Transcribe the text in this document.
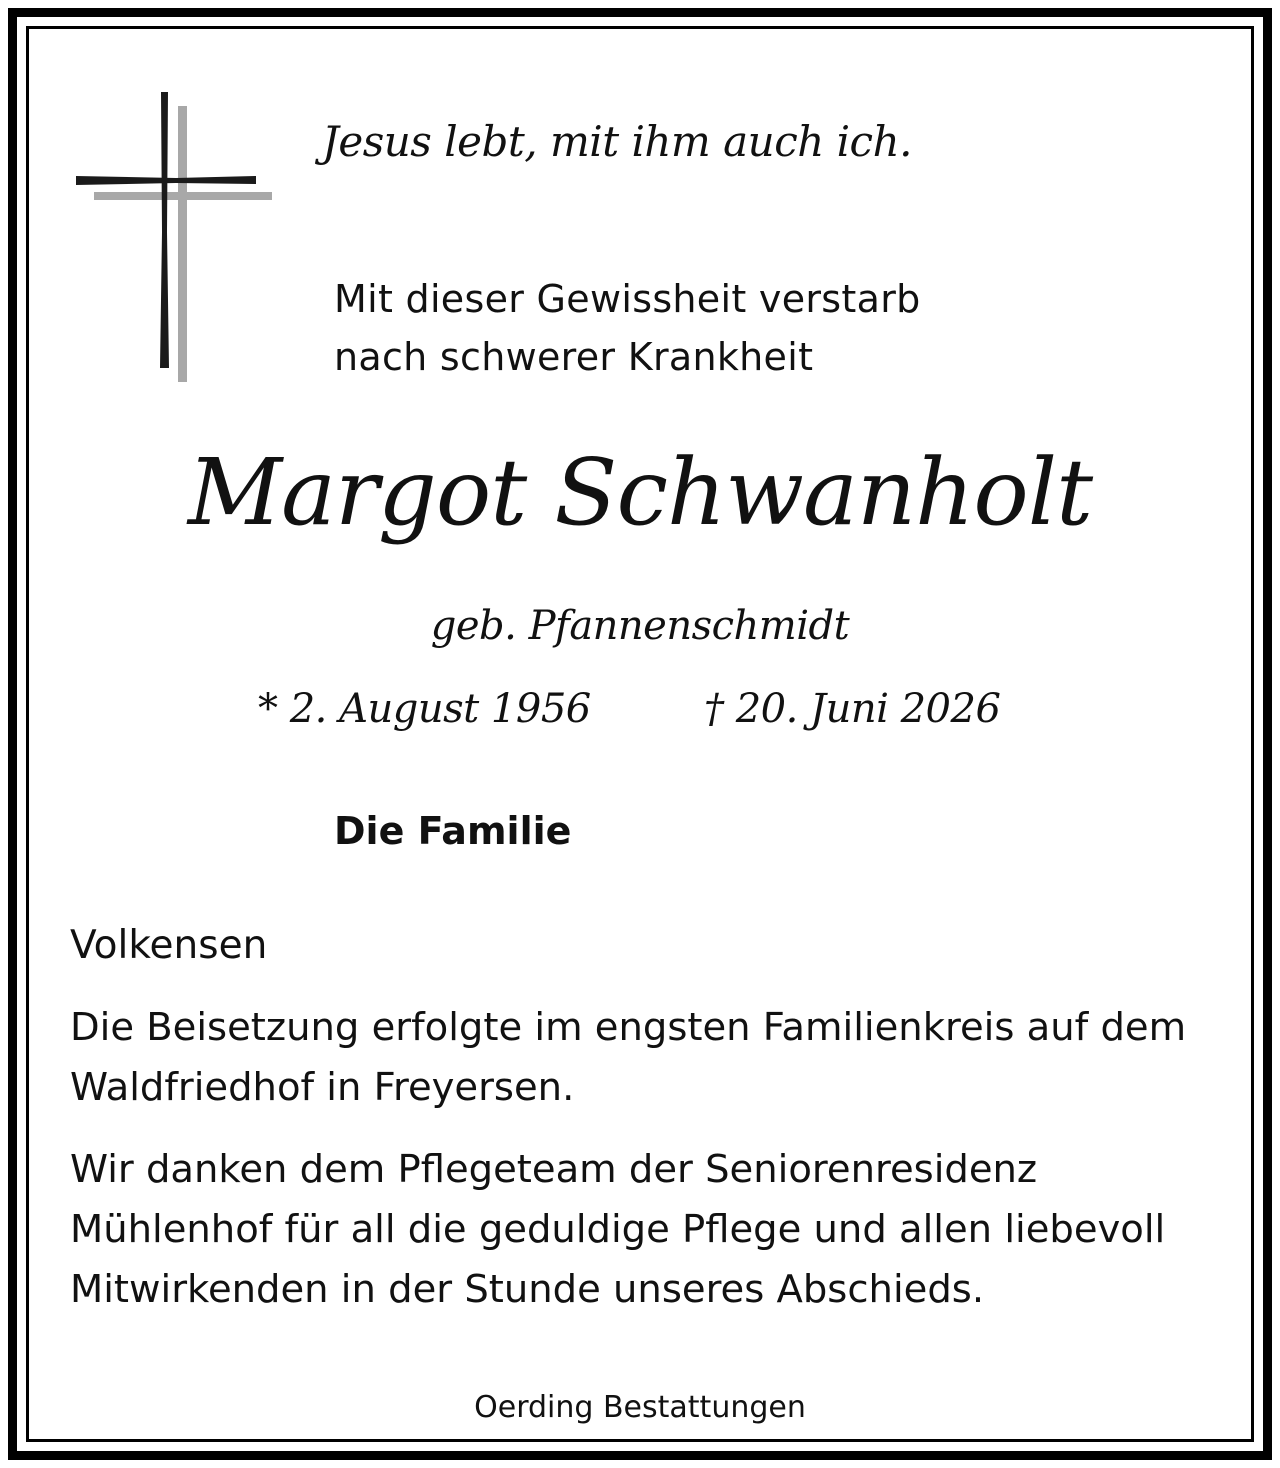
Jesus lebt, mit ihm auch ich.

Mit dieser Gewissheit verstarb
nach schwerer Krankheit
Margot Schwanholt

geb. Pfannenschmidt

* 2. August 1956	† 20. Juni 2026

Die Familie

Volkensen

Die Beisetzung erfolgte im engsten Familienkreis auf dem Waldfriedhof in Freyersen.

Wir danken dem Pflegeteam der Seniorenresidenz Mühlenhof für all die geduldige Pflege und allen liebevoll Mitwirkenden in der Stunde unseres Abschieds.

Oerding Bestattungen
